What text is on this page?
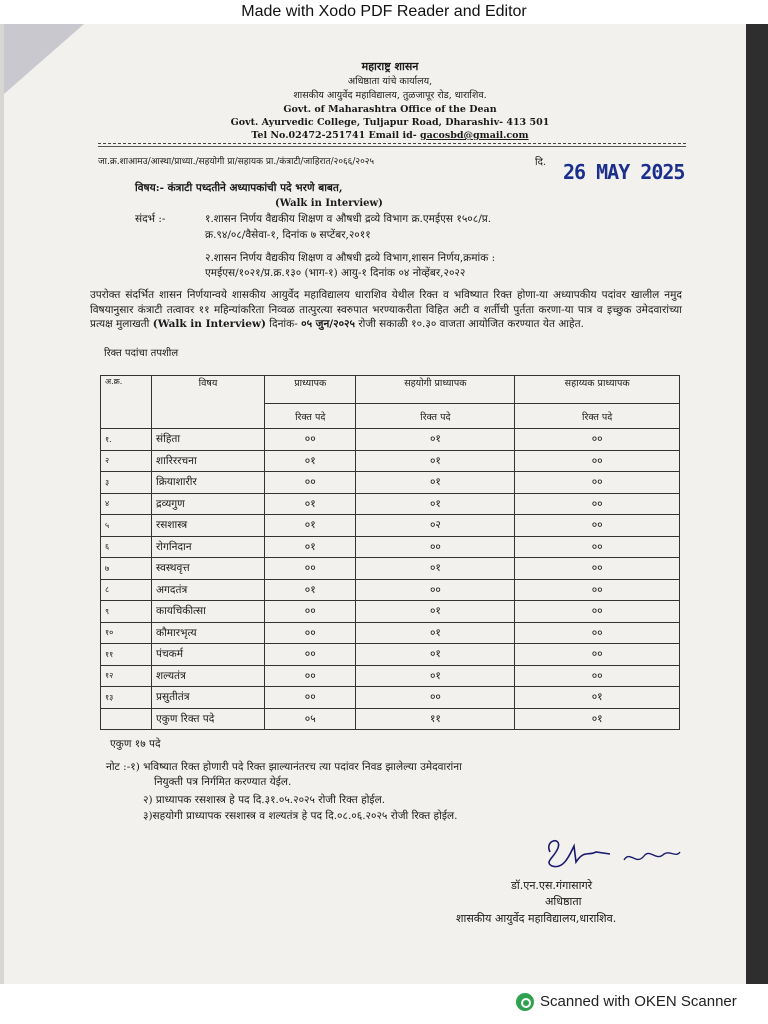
Made with Xodo PDF Reader and Editor
महाराष्ट्र शासन
अधिष्ठाता यांचे कार्यालय,
शासकीय आयुर्वेद महाविद्यालय, तुळजापूर रोड, धाराशिव.
Govt. of Maharashtra Office of the Dean
Govt. Ayurvedic College, Tuljapur Road, Dharashiv- 413 501
Tel No.02472-251741 Email id- gacosbd@gmail.com
जा.क्र.शाआमउ/आस्था/प्राध्या./सहयोगी प्रा/सहायक प्रा./कंत्राटी/जाहिरात/२०६६/२०२५	दि. 26 MAY 2025
विषय:- कंत्राटी पध्दतीने अध्यापकांची पदे भरणे बाबत,
(Walk in Interview)
संदर्भ :-	१.शासन निर्णय वैद्यकीय शिक्षण व औषधी द्रव्ये विभाग क्र.एमईएस १५०८/प्र.
क्र.९४/०८/वैसेवा-१, दिनांक ७ सप्टेंबर,२०११
२.शासन निर्णय वैद्यकीय शिक्षण व औषधी द्रव्ये विभाग,शासन निर्णय,क्रमांक :
एमईएस/१०२१/प्र.क्र.१३० (भाग-१) आयु-१ दिनांक ०४ नोव्हेंबर,२०२२
उपरोक्त संदर्भित शासन निर्णयान्वये शासकीय आयुर्वेद महाविद्यालय धाराशिव येथील रिक्त व भविष्यात रिक्त होणा-या अध्यापकीय पदांवर खालील नमुद विषयानुसार कंत्राटी तत्वावर ११ महिन्यांकरिता निव्वळ तात्पुरत्या स्वरुपात भरण्याकरीता विहित अटी व शर्तीची पुर्तता करणा-या पात्र व इच्छुक उमेदवारांच्या प्रत्यक्ष मुलाखती (Walk in Interview) दिनांक- ०५ जुन/२०२५ रोजी सकाळी १०.३० वाजता आयोजित करण्यात येत आहेत.
रिक्त पदांचा तपशील
अ.क्र.	विषय	प्राध्यापक	सहयोगी प्राध्यापक	सहाय्यक प्राध्यापक
		रिक्त पदे	रिक्त पदे	रिक्त पदे
१.	संहिता	००	०१	००
२	शारिररचना	०१	०१	००
३	क्रियाशारीर	००	०१	००
४	द्रव्यगुण	०१	०१	००
५	रसशास्त्र	०१	०२	००
६	रोगनिदान	०१	००	००
७	स्वस्थवृत्त	००	०१	००
८	अगदतंत्र	०१	००	००
९	कायचिकीत्सा	००	०१	००
१०	कौमारभृत्य	००	०१	००
११	पंचकर्म	००	०१	००
१२	शल्यतंत्र	००	०१	००
१३	प्रसुतीतंत्र	००	००	०१
	एकुण रिक्त पदे	०५	११	०१
एकुण १७ पदे
नोट :-१) भविष्यात रिक्त होणारी पदे रिक्त झाल्यानंतरच त्या पदांवर निवड झालेल्या उमेदवारांना
नियुक्ती पत्र निर्गमित करण्यात येईल.
२) प्राध्यापक रसशास्त्र हे पद दि.३१.०५.२०२५ रोजी रिक्त होईल.
३)सहयोगी प्राध्यापक रसशास्त्र व शल्यतंत्र हे पद दि.०८.०६.२०२५ रोजी रिक्त होईल.
डॉ.एन.एस.गंगासागरे
अधिष्ठाता
शासकीय आयुर्वेद महाविद्यालय,धाराशिव.
Scanned with OKEN Scanner
